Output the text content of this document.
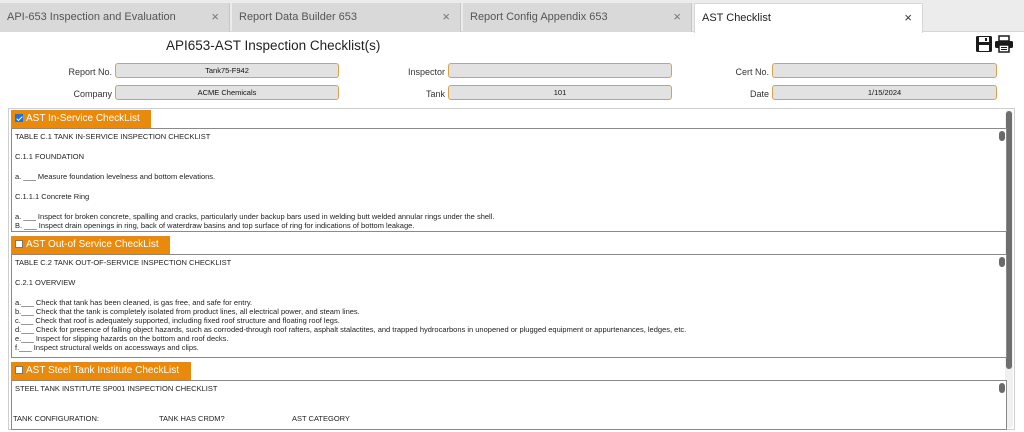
API-653 Inspection and Evaluation	× Report Data Builder 653	× Report Config Appendix 653	× AST Checklist	×
API653-AST Inspection Checklist(s)
Report No.	Tank75-F942	Inspector	Cert No.
Company	ACME Chemicals	Tank	101	Date	1/15/2024
AST In-Service CheckList
TABLE C.1 TANK IN-SERVICE INSPECTION CHECKLIST
C.1.1 FOUNDATION
a. ___ Measure foundation levelness and bottom elevations.
C.1.1.1 Concrete Ring
a. ___ Inspect for broken concrete, spalling and cracks, particularly under backup bars used in welding butt welded annular rings under the shell.
B. ___ Inspect drain openings in ring, back of waterdraw basins and top surface of ring for indications of bottom leakage.
AST Out-of Service CheckList
TABLE C.2 TANK OUT-OF-SERVICE INSPECTION CHECKLIST
C.2.1 OVERVIEW
a.___ Check that tank has been cleaned, is gas free, and safe for entry.
b.___ Check that the tank is completely isolated from product lines, all electrical power, and steam lines.
c.___ Check that roof is adequately supported, including fixed roof structure and floating roof legs.
d.___ Check for presence of falling object hazards, such as corroded-through roof rafters, asphalt stalactites, and trapped hydrocarbons in unopened or plugged equipment or appurtenances, ledges, etc.
e.___ Inspect for slipping hazards on the bottom and roof decks.
f.___ Inspect structural welds on accessways and clips.
AST Steel Tank Institute CheckList
STEEL TANK INSTITUTE SP001 INSPECTION CHECKLIST
TANK CONFIGURATION:	TANK HAS CRDM?	AST CATEGORY
